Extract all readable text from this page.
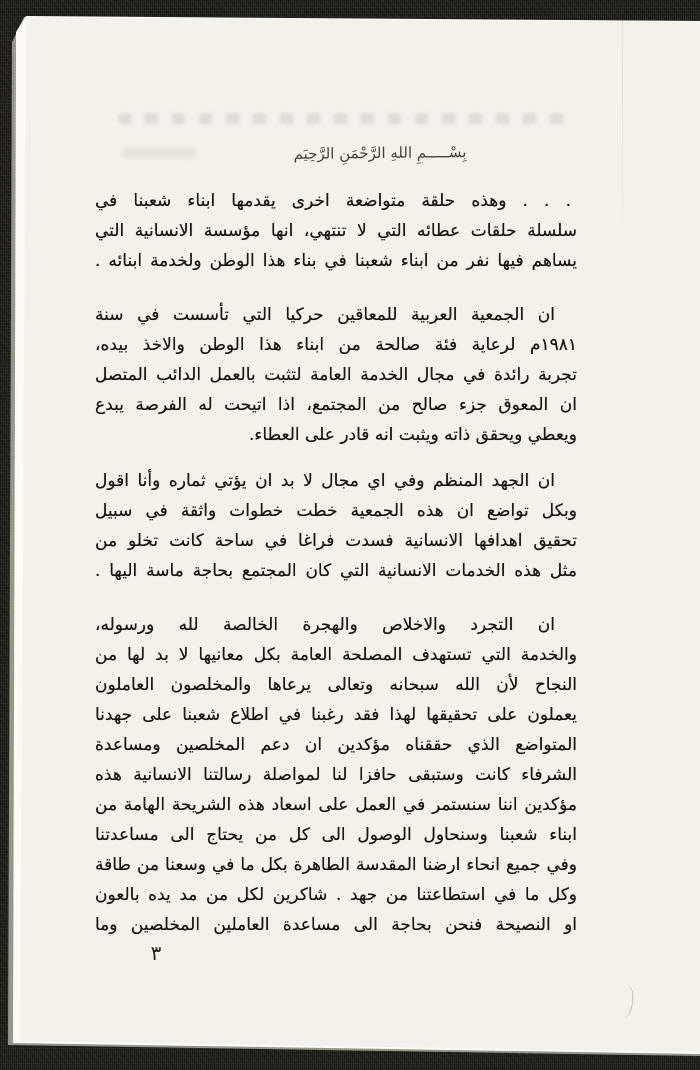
بِسْـــــمِ اللهِ الرَّحْمَنِ الرَّحِيَم
. . . وهذه حلقة متواضعة اخرى يقدمها ابناء شعبنا في
سلسلة حلقات عطائه التي لا تنتهي، انها مؤسسة الانسانية التي
يساهم فيها نفر من ابناء شعبنا في بناء هذا الوطن ولخدمة ابنائه .
ان الجمعية العربية للمعاقين حركيا التي تأسست في سنة
١٩٨١م لرعاية فئة صالحة من ابناء هذا الوطن والاخذ بيده،
تجربة رائدة في مجال الخدمة العامة لتثبت بالعمل الدائب المتصل
ان المعوق جزء صالح من المجتمع، اذا اتيحت له الفرصة يبدع
ويعطي ويحقق ذاته ويثبت انه قادر على العطاء.
ان الجهد المنظم وفي اي مجال لا بد ان يؤتي ثماره وأنا اقول
وبكل تواضع ان هذه الجمعية خطت خطوات واثقة في سبيل
تحقيق اهدافها الانسانية فسدت فراغا في ساحة كانت تخلو من
مثل هذه الخدمات الانسانية التي كان المجتمع بحاجة ماسة اليها .
ان التجرد والاخلاص والهجرة الخالصة لله ورسوله،
والخدمة التي تستهدف المصلحة العامة بكل معانيها لا بد لها من
النجاح لأن الله سبحانه وتعالى يرعاها والمخلصون العاملون
يعملون على تحقيقها لهذا فقد رغبنا في اطلاع شعبنا على جهدنا
المتواضع الذي حققناه مؤكدين ان دعم المخلصين ومساعدة
الشرفاء كانت وستبقى حافزا لنا لمواصلة رسالتنا الانسانية هذه
مؤكدين اننا سنستمر في العمل على اسعاد هذه الشريحة الهامة من
ابناء شعبنا وسنحاول الوصول الى كل من يحتاج الى مساعدتنا
وفي جميع انحاء ارضنا المقدسة الطاهرة بكل ما في وسعنا من طاقة
وكل ما في استطاعتنا من جهد . شاكرين لكل من مد يده بالعون
او النصيحة فنحن بحاجة الى مساعدة العاملين المخلصين وما
٣
